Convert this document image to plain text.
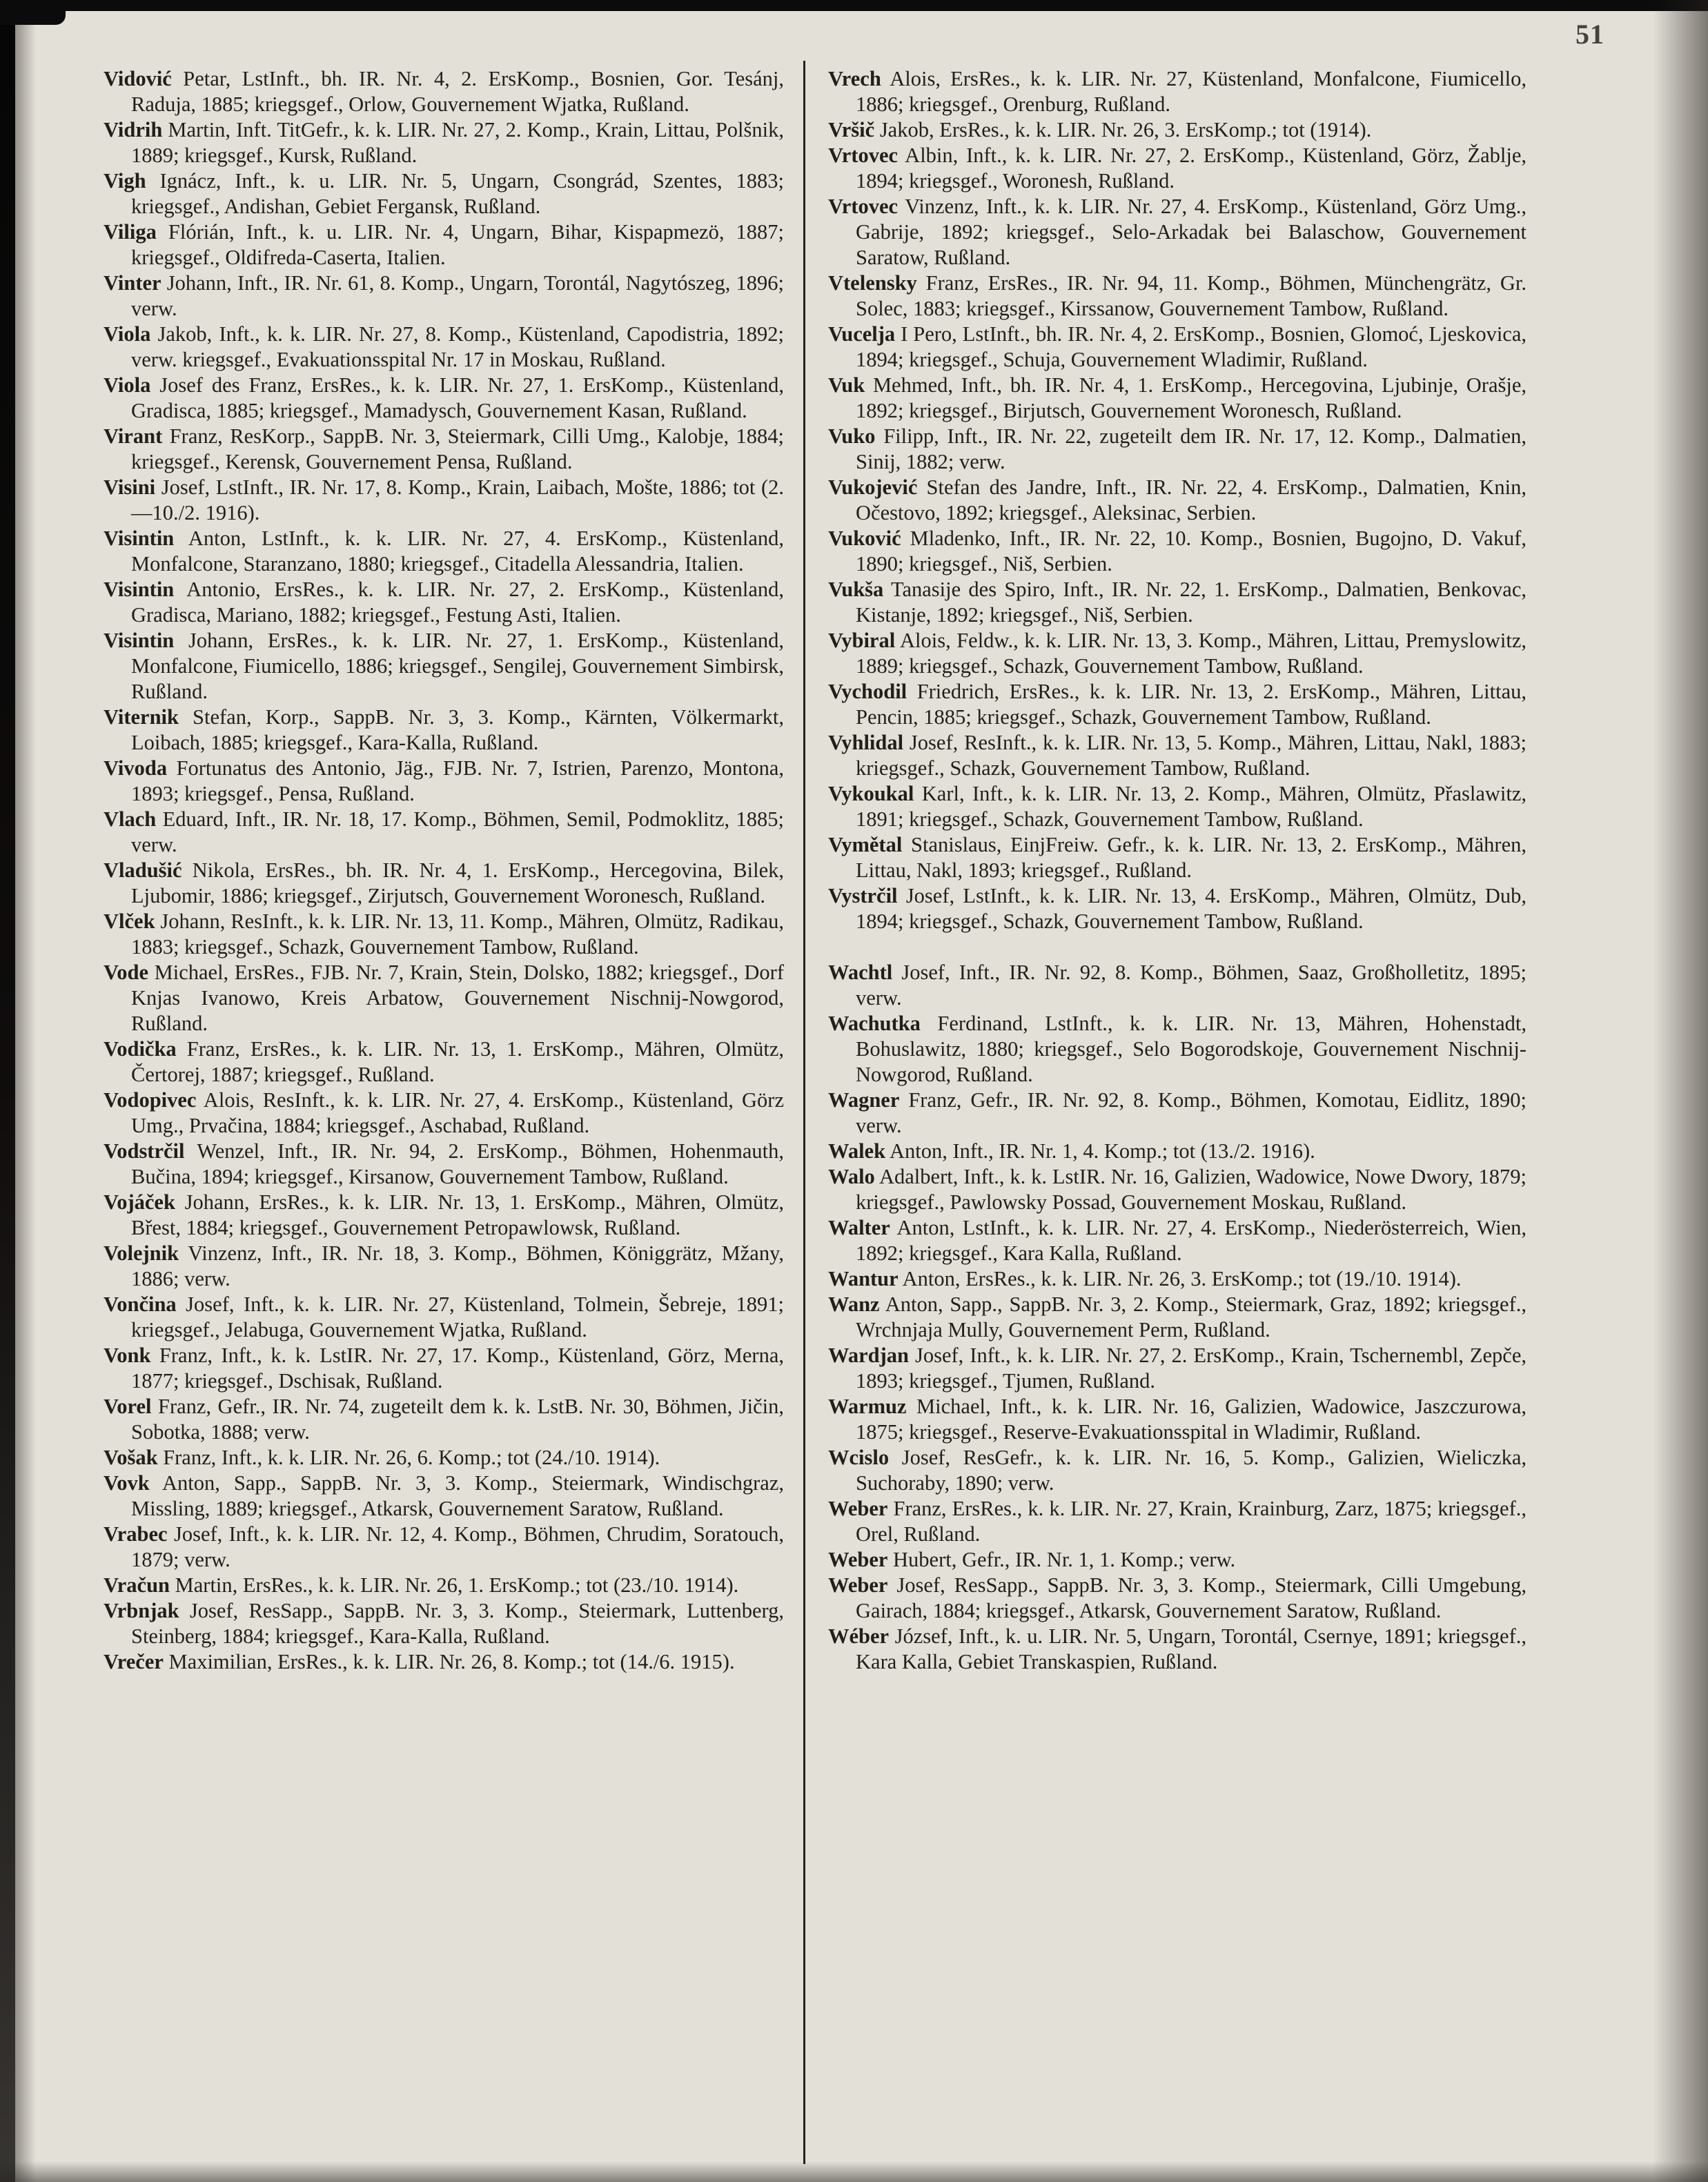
51

Vidović Petar, LstInft., bh. IR. Nr. 4, 2. ErsKomp., Bosnien, Gor. Tesánj, Raduja, 1885; kriegsgef., Orlow, Gouvernement Wjatka, Rußland.

Vidrih Martin, Inft. TitGefr., k. k. LIR. Nr. 27, 2. Komp., Krain, Littau, Polšnik, 1889; kriegsgef., Kursk, Rußland.

Vigh Ignácz, Inft., k. u. LIR. Nr. 5, Ungarn, Csongrád, Szentes, 1883; kriegsgef., Andishan, Gebiet Fergansk, Rußland.

Viliga Flórián, Inft., k. u. LIR. Nr. 4, Ungarn, Bihar, Kispapmezö, 1887; kriegsgef., Oldifreda-Caserta, Italien.

Vinter Johann, Inft., IR. Nr. 61, 8. Komp., Ungarn, Torontál, Nagytószeg, 1896; verw.

Viola Jakob, Inft., k. k. LIR. Nr. 27, 8. Komp., Küstenland, Capodistria, 1892; verw. kriegsgef., Evakuationsspital Nr. 17 in Moskau, Rußland.

Viola Josef des Franz, ErsRes., k. k. LIR. Nr. 27, 1. ErsKomp., Küstenland, Gradisca, 1885; kriegsgef., Mamadysch, Gouvernement Kasan, Rußland.

Virant Franz, ResKorp., SappB. Nr. 3, Steiermark, Cilli Umg., Kalobje, 1884; kriegsgef., Kerensk, Gouvernement Pensa, Rußland.

Visini Josef, LstInft., IR. Nr. 17, 8. Komp., Krain, Laibach, Mošte, 1886; tot (2.—10./2. 1916).

Visintin Anton, LstInft., k. k. LIR. Nr. 27, 4. ErsKomp., Küstenland, Monfalcone, Staranzano, 1880; kriegsgef., Citadella Alessandria, Italien.

Visintin Antonio, ErsRes., k. k. LIR. Nr. 27, 2. ErsKomp., Küstenland, Gradisca, Mariano, 1882; kriegsgef., Festung Asti, Italien.

Visintin Johann, ErsRes., k. k. LIR. Nr. 27, 1. ErsKomp., Küstenland, Monfalcone, Fiumicello, 1886; kriegsgef., Sengilej, Gouvernement Simbirsk, Rußland.

Viternik Stefan, Korp., SappB. Nr. 3, 3. Komp., Kärnten, Völkermarkt, Loibach, 1885; kriegsgef., Kara-Kalla, Rußland.

Vivoda Fortunatus des Antonio, Jäg., FJB. Nr. 7, Istrien, Parenzo, Montona, 1893; kriegsgef., Pensa, Rußland.

Vlach Eduard, Inft., IR. Nr. 18, 17. Komp., Böhmen, Semil, Podmoklitz, 1885; verw.

Vladušić Nikola, ErsRes., bh. IR. Nr. 4, 1. ErsKomp., Hercegovina, Bilek, Ljubomir, 1886; kriegsgef., Zirjutsch, Gouvernement Woronesch, Rußland.

Vlček Johann, ResInft., k. k. LIR. Nr. 13, 11. Komp., Mähren, Olmütz, Radikau, 1883; kriegsgef., Schazk, Gouvernement Tambow, Rußland.

Vode Michael, ErsRes., FJB. Nr. 7, Krain, Stein, Dolsko, 1882; kriegsgef., Dorf Knjas Ivanowo, Kreis Arbatow, Gouvernement Nischnij-Nowgorod, Rußland.

Vodička Franz, ErsRes., k. k. LIR. Nr. 13, 1. ErsKomp., Mähren, Olmütz, Čertorej, 1887; kriegsgef., Rußland.

Vodopivec Alois, ResInft., k. k. LIR. Nr. 27, 4. ErsKomp., Küstenland, Görz Umg., Prvačina, 1884; kriegsgef., Aschabad, Rußland.

Vodstrčil Wenzel, Inft., IR. Nr. 94, 2. ErsKomp., Böhmen, Hohenmauth, Bučina, 1894; kriegsgef., Kirsanow, Gouvernement Tambow, Rußland.

Vojáček Johann, ErsRes., k. k. LIR. Nr. 13, 1. ErsKomp., Mähren, Olmütz, Břest, 1884; kriegsgef., Gouvernement Petropawlowsk, Rußland.

Volejnik Vinzenz, Inft., IR. Nr. 18, 3. Komp., Böhmen, Königgrätz, Mžany, 1886; verw.

Vončina Josef, Inft., k. k. LIR. Nr. 27, Küstenland, Tolmein, Šebreje, 1891; kriegsgef., Jelabuga, Gouvernement Wjatka, Rußland.

Vonk Franz, Inft., k. k. LstIR. Nr. 27, 17. Komp., Küstenland, Görz, Merna, 1877; kriegsgef., Dschisak, Rußland.

Vorel Franz, Gefr., IR. Nr. 74, zugeteilt dem k. k. LstB. Nr. 30, Böhmen, Jičin, Sobotka, 1888; verw.

Vošak Franz, Inft., k. k. LIR. Nr. 26, 6. Komp.; tot (24./10. 1914).

Vovk Anton, Sapp., SappB. Nr. 3, 3. Komp., Steiermark, Windischgraz, Missling, 1889; kriegsgef., Atkarsk, Gouvernement Saratow, Rußland.

Vrabec Josef, Inft., k. k. LIR. Nr. 12, 4. Komp., Böhmen, Chrudim, Soratouch, 1879; verw.

Vračun Martin, ErsRes., k. k. LIR. Nr. 26, 1. ErsKomp.; tot (23./10. 1914).

Vrbnjak Josef, ResSapp., SappB. Nr. 3, 3. Komp., Steiermark, Luttenberg, Steinberg, 1884; kriegsgef., Kara-Kalla, Rußland.

Vrečer Maximilian, ErsRes., k. k. LIR. Nr. 26, 8. Komp.; tot (14./6. 1915).

Vrech Alois, ErsRes., k. k. LIR. Nr. 27, Küstenland, Monfalcone, Fiumicello, 1886; kriegsgef., Orenburg, Rußland.

Vršič Jakob, ErsRes., k. k. LIR. Nr. 26, 3. ErsKomp.; tot (1914).

Vrtovec Albin, Inft., k. k. LIR. Nr. 27, 2. ErsKomp., Küstenland, Görz, Žablje, 1894; kriegsgef., Woronesh, Rußland.

Vrtovec Vinzenz, Inft., k. k. LIR. Nr. 27, 4. ErsKomp., Küstenland, Görz Umg., Gabrije, 1892; kriegsgef., Selo-Arkadak bei Balaschow, Gouvernement Saratow, Rußland.

Vtelensky Franz, ErsRes., IR. Nr. 94, 11. Komp., Böhmen, Münchengrätz, Gr. Solec, 1883; kriegsgef., Kirssanow, Gouvernement Tambow, Rußland.

Vucelja I Pero, LstInft., bh. IR. Nr. 4, 2. ErsKomp., Bosnien, Glomoć, Ljeskovica, 1894; kriegsgef., Schuja, Gouvernement Wladimir, Rußland.

Vuk Mehmed, Inft., bh. IR. Nr. 4, 1. ErsKomp., Hercegovina, Ljubinje, Orašje, 1892; kriegsgef., Birjutsch, Gouvernement Woronesch, Rußland.

Vuko Filipp, Inft., IR. Nr. 22, zugeteilt dem IR. Nr. 17, 12. Komp., Dalmatien, Sinij, 1882; verw.

Vukojević Stefan des Jandre, Inft., IR. Nr. 22, 4. ErsKomp., Dalmatien, Knin, Očestovo, 1892; kriegsgef., Aleksinac, Serbien.

Vuković Mladenko, Inft., IR. Nr. 22, 10. Komp., Bosnien, Bugojno, D. Vakuf, 1890; kriegsgef., Niš, Serbien.

Vukša Tanasije des Spiro, Inft., IR. Nr. 22, 1. ErsKomp., Dalmatien, Benkovac, Kistanje, 1892; kriegsgef., Niš, Serbien.

Vybiral Alois, Feldw., k. k. LIR. Nr. 13, 3. Komp., Mähren, Littau, Premyslowitz, 1889; kriegsgef., Schazk, Gouvernement Tambow, Rußland.

Vychodil Friedrich, ErsRes., k. k. LIR. Nr. 13, 2. ErsKomp., Mähren, Littau, Pencin, 1885; kriegsgef., Schazk, Gouvernement Tambow, Rußland.

Vyhlidal Josef, ResInft., k. k. LIR. Nr. 13, 5. Komp., Mähren, Littau, Nakl, 1883; kriegsgef., Schazk, Gouvernement Tambow, Rußland.

Vykoukal Karl, Inft., k. k. LIR. Nr. 13, 2. Komp., Mähren, Olmütz, Přaslawitz, 1891; kriegsgef., Schazk, Gouvernement Tambow, Rußland.

Vymětal Stanislaus, EinjFreiw. Gefr., k. k. LIR. Nr. 13, 2. ErsKomp., Mähren, Littau, Nakl, 1893; kriegsgef., Rußland.

Vystrčil Josef, LstInft., k. k. LIR. Nr. 13, 4. ErsKomp., Mähren, Olmütz, Dub, 1894; kriegsgef., Schazk, Gouvernement Tambow, Rußland.

Wachtl Josef, Inft., IR. Nr. 92, 8. Komp., Böhmen, Saaz, Großholletitz, 1895; verw.

Wachutka Ferdinand, LstInft., k. k. LIR. Nr. 13, Mähren, Hohenstadt, Bohuslawitz, 1880; kriegsgef., Selo Bogorodskoje, Gouvernement Nischnij-Nowgorod, Rußland.

Wagner Franz, Gefr., IR. Nr. 92, 8. Komp., Böhmen, Komotau, Eidlitz, 1890; verw.

Walek Anton, Inft., IR. Nr. 1, 4. Komp.; tot (13./2. 1916).

Walo Adalbert, Inft., k. k. LstIR. Nr. 16, Galizien, Wadowice, Nowe Dwory, 1879; kriegsgef., Pawlowsky Possad, Gouvernement Moskau, Rußland.

Walter Anton, LstInft., k. k. LIR. Nr. 27, 4. ErsKomp., Niederösterreich, Wien, 1892; kriegsgef., Kara Kalla, Rußland.

Wantur Anton, ErsRes., k. k. LIR. Nr. 26, 3. ErsKomp.; tot (19./10. 1914).

Wanz Anton, Sapp., SappB. Nr. 3, 2. Komp., Steiermark, Graz, 1892; kriegsgef., Wrchnjaja Mully, Gouvernement Perm, Rußland.

Wardjan Josef, Inft., k. k. LIR. Nr. 27, 2. ErsKomp., Krain, Tschernembl, Zepče, 1893; kriegsgef., Tjumen, Rußland.

Warmuz Michael, Inft., k. k. LIR. Nr. 16, Galizien, Wadowice, Jaszczurowa, 1875; kriegsgef., Reserve-Evakuationsspital in Wladimir, Rußland.

Wcislo Josef, ResGefr., k. k. LIR. Nr. 16, 5. Komp., Galizien, Wieliczka, Suchoraby, 1890; verw.

Weber Franz, ErsRes., k. k. LIR. Nr. 27, Krain, Krainburg, Zarz, 1875; kriegsgef., Orel, Rußland.

Weber Hubert, Gefr., IR. Nr. 1, 1. Komp.; verw.

Weber Josef, ResSapp., SappB. Nr. 3, 3. Komp., Steiermark, Cilli Umgebung, Gairach, 1884; kriegsgef., Atkarsk, Gouvernement Saratow, Rußland.

Wéber József, Inft., k. u. LIR. Nr. 5, Ungarn, Torontál, Csernye, 1891; kriegsgef., Kara Kalla, Gebiet Transkaspien, Rußland.
